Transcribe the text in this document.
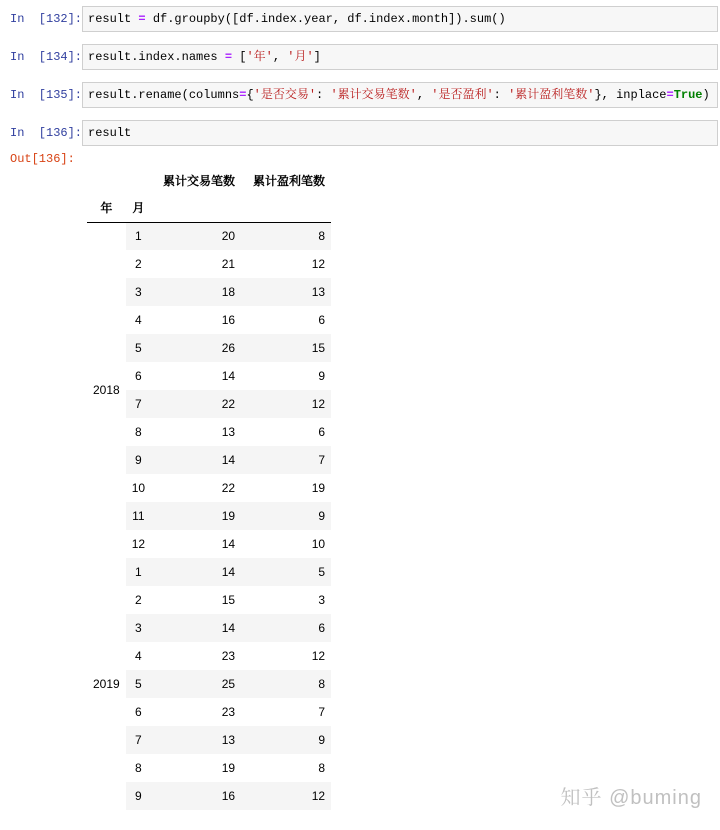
In  [132]: result = df.groupby([df.index.year, df.index.month]).sum()
In  [134]: result.index.names = ['年', '月']
In  [135]: result.rename(columns={'是否交易': '累计交易笔数', '是否盈利': '累计盈利笔数'}, inplace=True)
In  [136]: result
Out[136]:
		累计交易笔数	累计盈利笔数
年	月		
2018	1	20	8
	2	21	12
	3	18	13
	4	16	6
	5	26	15
	6	14	9
	7	22	12
	8	13	6
	9	14	7
	10	22	19
	11	19	9
	12	14	10
2019	1	14	5
	2	15	3
	3	14	6
	4	23	12
	5	25	8
	6	23	7
	7	13	9
	8	19	8
	9	16	12	知乎 @buming
